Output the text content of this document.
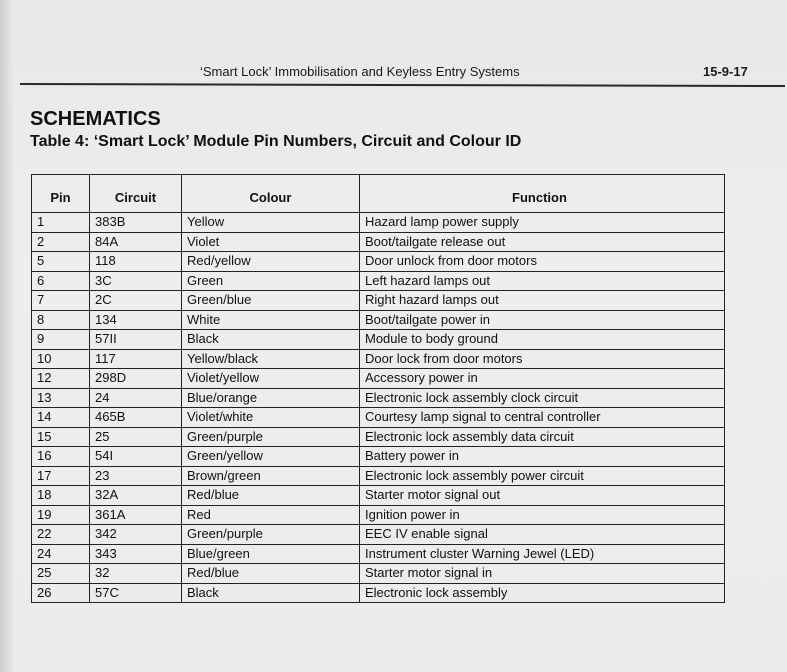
‘Smart Lock’ Immobilisation and Keyless Entry Systems	15-9-17
SCHEMATICS
Table 4: ‘Smart Lock’ Module Pin Numbers, Circuit and Colour ID
Pin	Circuit	Colour	Function
1	383B	Yellow	Hazard lamp power supply
2	84A	Violet	Boot/tailgate release out
5	118	Red/yellow	Door unlock from door motors
6	3C	Green	Left hazard lamps out
7	2C	Green/blue	Right hazard lamps out
8	134	White	Boot/tailgate power in
9	57II	Black	Module to body ground
10	117	Yellow/black	Door lock from door motors
12	298D	Violet/yellow	Accessory power in
13	24	Blue/orange	Electronic lock assembly clock circuit
14	465B	Violet/white	Courtesy lamp signal to central controller
15	25	Green/purple	Electronic lock assembly data circuit
16	54I	Green/yellow	Battery power in
17	23	Brown/green	Electronic lock assembly power circuit
18	32A	Red/blue	Starter motor signal out
19	361A	Red	Ignition power in
22	342	Green/purple	EEC IV enable signal
24	343	Blue/green	Instrument cluster Warning Jewel (LED)
25	32	Red/blue	Starter motor signal in
26	57C	Black	Electronic lock assembly
